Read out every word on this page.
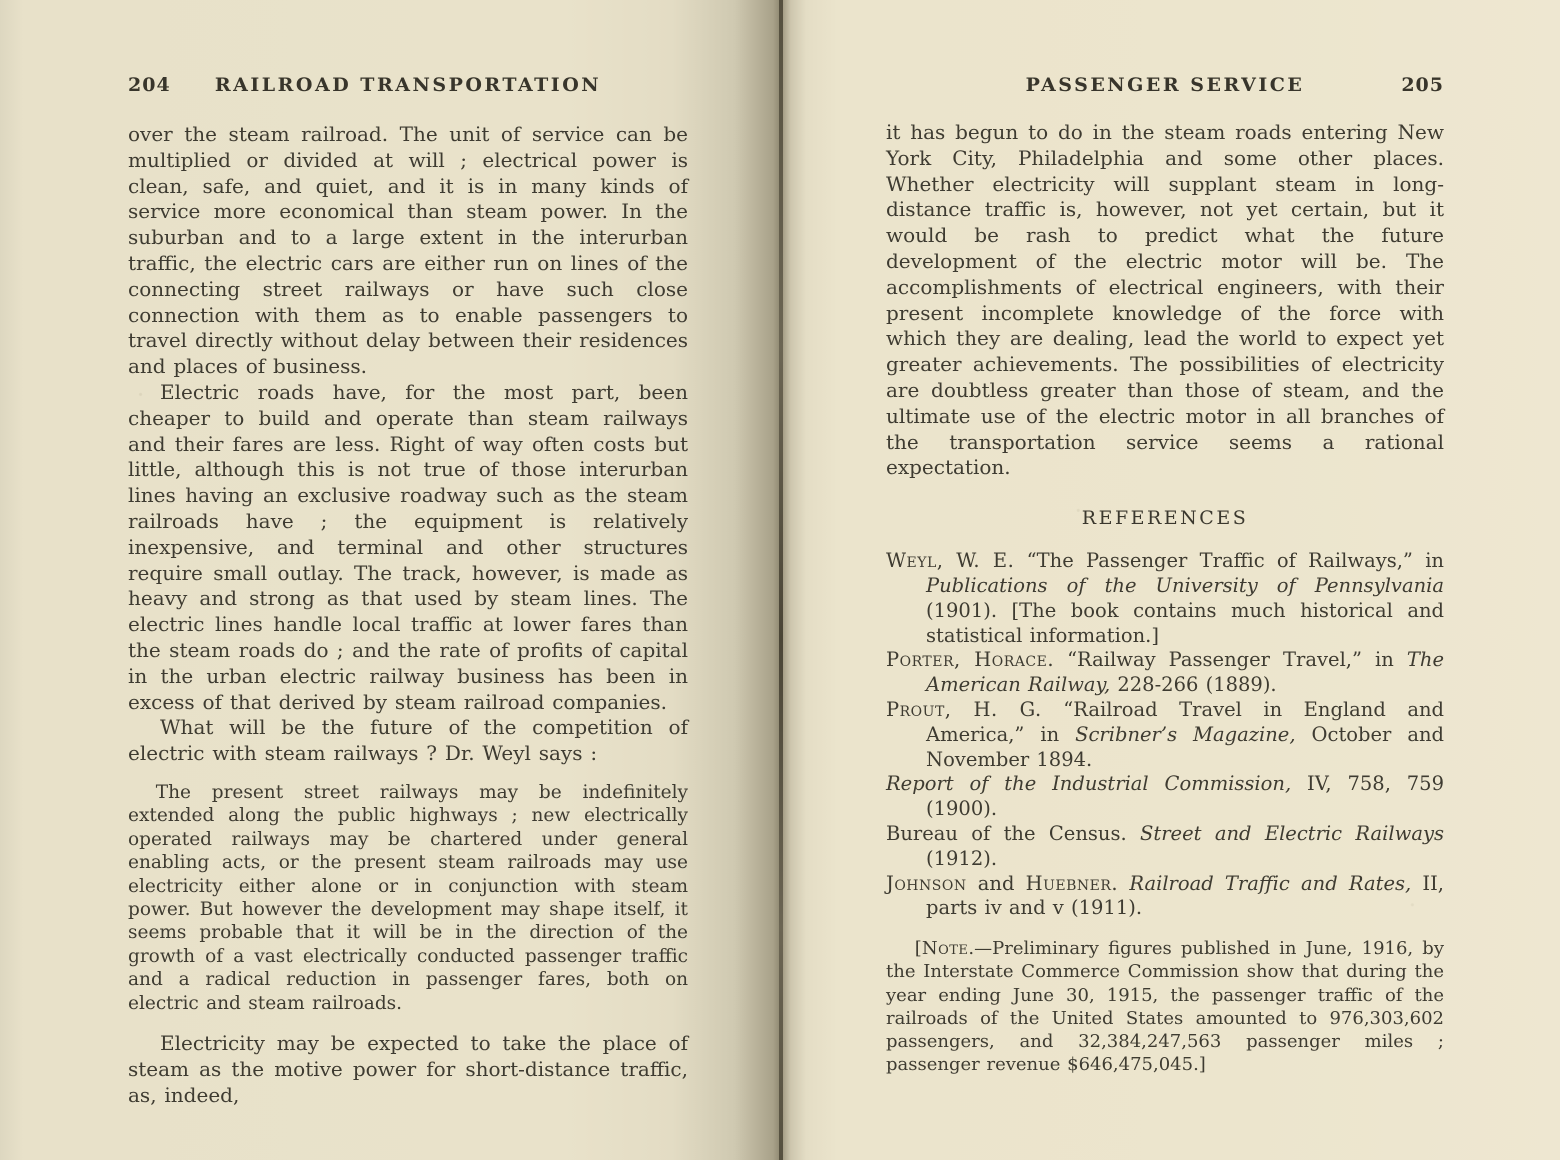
204	RAILROAD TRANSPORTATION

over the steam railroad. The unit of service can be multiplied or divided at will ; electrical power is clean, safe, and quiet, and it is in many kinds of service more economical than steam power. In the suburban and to a large extent in the interurban traffic, the electric cars are either run on lines of the connecting street railways or have such close connection with them as to enable passengers to travel directly without delay between their residences and places of business.

Electric roads have, for the most part, been cheaper to build and operate than steam railways and their fares are less. Right of way often costs but little, although this is not true of those interurban lines having an exclusive roadway such as the steam railroads have ; the equipment is relatively inexpensive, and terminal and other structures require small outlay. The track, however, is made as heavy and strong as that used by steam lines. The electric lines handle local traffic at lower fares than the steam roads do ; and the rate of profits of capital in the urban electric railway business has been in excess of that derived by steam railroad companies.

What will be the future of the competition of electric with steam railways ? Dr. Weyl says :

The present street railways may be indefinitely extended along the public highways ; new electrically operated railways may be chartered under general enabling acts, or the present steam railroads may use electricity either alone or in conjunction with steam power. But however the development may shape itself, it seems probable that it will be in the direction of the growth of a vast electrically conducted passenger traffic and a radical reduction in passenger fares, both on electric and steam railroads.

Electricity may be expected to take the place of steam as the motive power for short-distance traffic, as, indeed,

PASSENGER SERVICE	205

it has begun to do in the steam roads entering New York City, Philadelphia and some other places. Whether electricity will supplant steam in long-distance traffic is, however, not yet certain, but it would be rash to predict what the future development of the electric motor will be. The accomplishments of electrical engineers, with their present incomplete knowledge of the force with which they are dealing, lead the world to expect yet greater achievements. The possibilities of electricity are doubtless greater than those of steam, and the ultimate use of the electric motor in all branches of the transportation service seems a rational expectation.

REFERENCES

Weyl, W. E. “The Passenger Traffic of Railways,” in Publications of the University of Pennsylvania (1901). [The book contains much historical and statistical information.]

Porter, Horace. “Railway Passenger Travel,” in The American Railway, 228-266 (1889).

Prout, H. G. “Railroad Travel in England and America,” in Scribner’s Magazine, October and November 1894.

Report of the Industrial Commission, IV, 758, 759 (1900).

Bureau of the Census. Street and Electric Railways (1912).

Johnson and Huebner. Railroad Traffic and Rates, II, parts iv and v (1911).

[Note.—Preliminary figures published in June, 1916, by the Interstate Commerce Commission show that during the year ending June 30, 1915, the passenger traffic of the railroads of the United States amounted to 976,303,602 passengers, and 32,384,247,563 passenger miles ; passenger revenue $646,475,045.]
